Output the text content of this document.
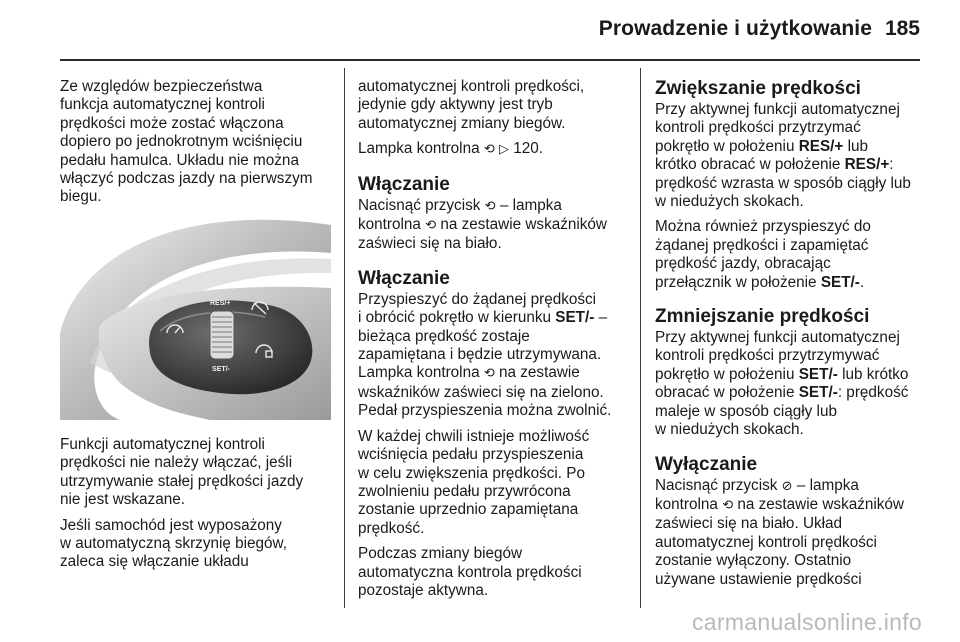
Prowadzenie i użytkowanie 185

Ze względów bezpieczeństwa
funkcja automatycznej kontroli
prędkości może zostać włączona
dopiero po jednokrotnym wciśnięciu
pedału hamulca. Układu nie można
włączyć podczas jazdy na pierwszym
biegu.

RES/+
SET/-

Funkcji automatycznej kontroli
prędkości nie należy włączać, jeśli
utrzymywanie stałej prędkości jazdy
nie jest wskazane.

Jeśli samochód jest wyposażony
w automatyczną skrzynię biegów,
zaleca się włączanie układu

automatycznej kontroli prędkości,
jedynie gdy aktywny jest tryb
automatycznej zmiany biegów.

Lampka kontrolna ⟲ ▷ 120.

Włączanie

Nacisnąć przycisk ⟲ – lampka
kontrolna ⟲ na zestawie wskaźników
zaświeci się na biało.

Włączanie

Przyspieszyć do żądanej prędkości
i obrócić pokrętło w kierunku SET/- –
bieżąca prędkość zostaje
zapamiętana i będzie utrzymywana.
Lampka kontrolna ⟲ na zestawie
wskaźników zaświeci się na zielono.
Pedał przyspieszenia można zwolnić.

W każdej chwili istnieje możliwość
wciśnięcia pedału przyspieszenia
w celu zwiększenia prędkości. Po
zwolnieniu pedału przywrócona
zostanie uprzednio zapamiętana
prędkość.

Podczas zmiany biegów
automatyczna kontrola prędkości
pozostaje aktywna.

Zwiększanie prędkości

Przy aktywnej funkcji automatycznej
kontroli prędkości przytrzymać
pokrętło w położeniu RES/+ lub
krótko obracać w położenie RES/+:
prędkość wzrasta w sposób ciągły lub
w niedużych skokach.

Można również przyspieszyć do
żądanej prędkości i zapamiętać
prędkość jazdy, obracając
przełącznik w położenie SET/-.

Zmniejszanie prędkości

Przy aktywnej funkcji automatycznej
kontroli prędkości przytrzymywać
pokrętło w położeniu SET/- lub krótko
obracać w położenie SET/-: prędkość
maleje w sposób ciągły lub
w niedużych skokach.

Wyłączanie

Nacisnąć przycisk ⊘ – lampka
kontrolna ⟲ na zestawie wskaźników
zaświeci się na biało. Układ
automatycznej kontroli prędkości
zostanie wyłączony. Ostatnio
używane ustawienie prędkości

carmanualsonline.info
